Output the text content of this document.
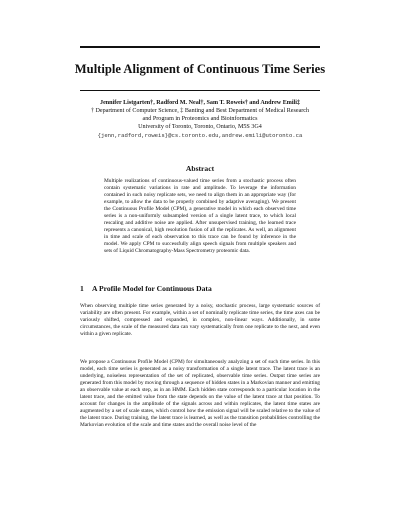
Multiple Alignment of Continuous Time Series
Jennifer Listgarten†, Radford M. Neal†, Sam T. Roweis† and Andrew Emili‡
† Department of Computer Science, ‡ Banting and Best Department of Medical Research
and Program in Proteomics and Bioinformatics
University of Toronto, Toronto, Ontario, M5S 3G4
{jenn,radford,roweis}@cs.toronto.edu,andrew.emili@utoronto.ca
Abstract
Multiple realizations of continuous-valued time series from a stochastic process often contain systematic variations in rate and amplitude. To leverage the information contained in such noisy replicate sets, we need to align them in an appropriate way (for example, to allow the data to be properly combined by adaptive averaging). We present the Continuous Profile Model (CPM), a generative model in which each observed time series is a non-uniformly subsampled version of a single latent trace, to which local rescaling and additive noise are applied. After unsupervised training, the learned trace represents a canonical, high resolution fusion of all the replicates. As well, an alignment in time and scale of each observation to this trace can be found by inference in the model. We apply CPM to successfully align speech signals from multiple speakers and sets of Liquid Chromatography-Mass Spectrometry proteomic data.
1 A Profile Model for Continuous Data
When observing multiple time series generated by a noisy, stochastic process, large systematic sources of variability are often present. For example, within a set of nominally replicate time series, the time axes can be variously shifted, compressed and expanded, in complex, non-linear ways. Additionally, in some circumstances, the scale of the measured data can vary systematically from one replicate to the next, and even within a given replicate.
We propose a Continuous Profile Model (CPM) for simultaneously analyzing a set of such time series. In this model, each time series is generated as a noisy transformation of a single latent trace. The latent trace is an underlying, noiseless representation of the set of replicated, observable time series. Output time series are generated from this model by moving through a sequence of hidden states in a Markovian manner and emitting an observable value at each step, as in an HMM. Each hidden state corresponds to a particular location in the latent trace, and the emitted value from the state depends on the value of the latent trace at that position. To account for changes in the amplitude of the signals across and within replicates, the latent time states are augmented by a set of scale states, which control how the emission signal will be scaled relative to the value of the latent trace. During training, the latent trace is learned, as well as the transition probabilities controlling the Markovian evolution of the scale and time states and the overall noise level of the
